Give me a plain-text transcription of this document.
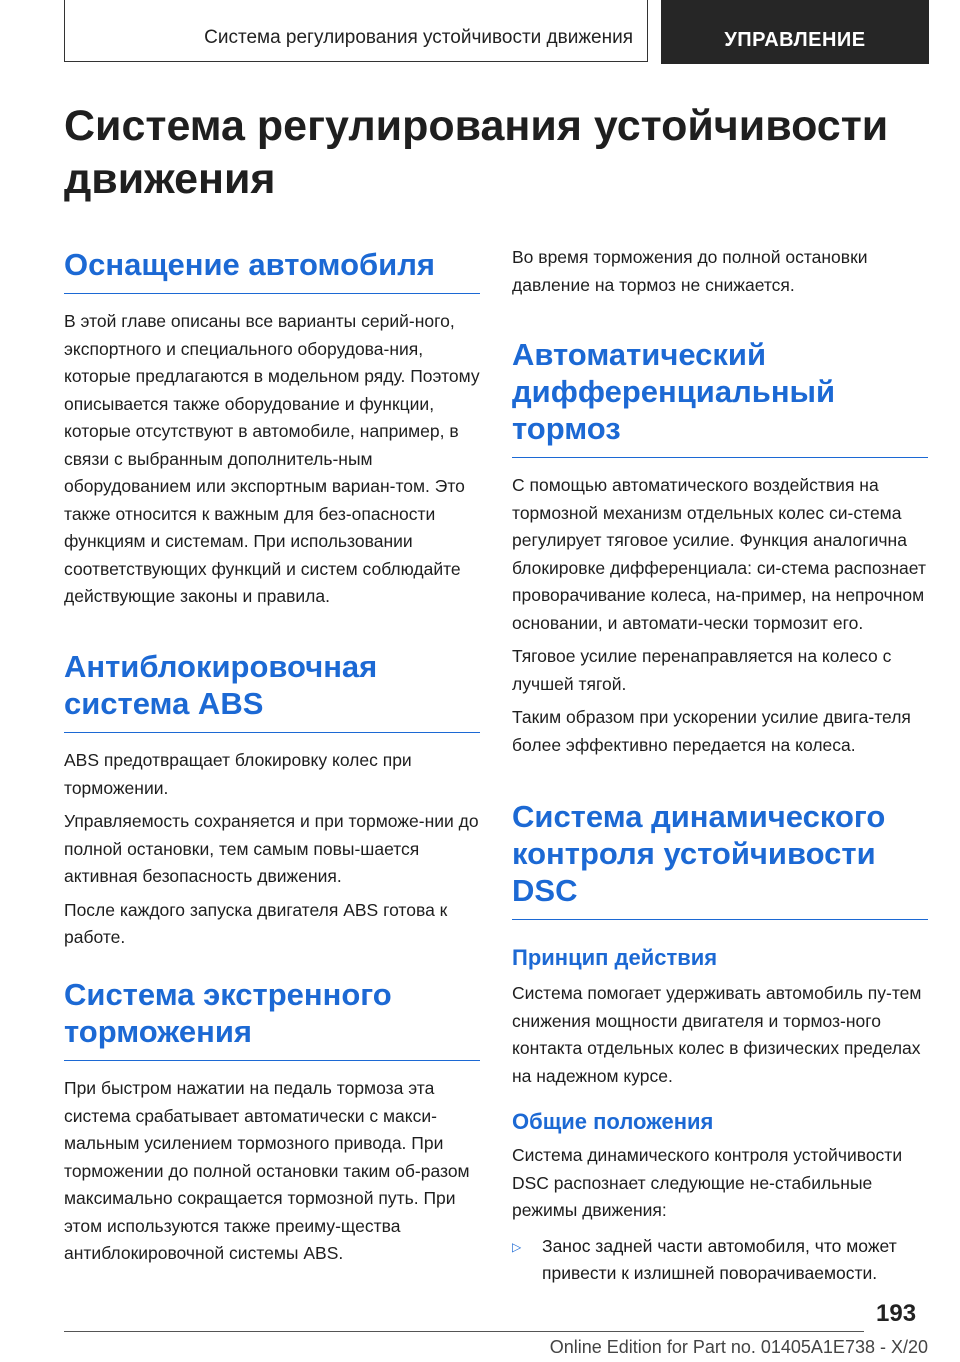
Система регулирования устойчивости движения	УПРАВЛЕНИЕ
Система регулирования устойчивости движения
Оснащение автомобиля

В этой главе описаны все варианты серий-ного, экспортного и специального оборудова-ния, которые предлагаются в модельном ряду. Поэтому описывается также оборудование и функции, которые отсутствуют в автомобиле, например, в связи с выбранным дополнитель-ным оборудованием или экспортным вариан-том. Это также относится к важным для без-опасности функциям и системам. При использовании соответствующих функций и систем соблюдайте действующие законы и правила.

Антиблокировочная система ABS

ABS предотвращает блокировку колес при торможении.

Управляемость сохраняется и при торможе-нии до полной остановки, тем самым повы-шается активная безопасность движения.

После каждого запуска двигателя ABS готова к работе.

Система экстренного торможения

При быстром нажатии на педаль тормоза эта система срабатывает автоматически с макси-мальным усилением тормозного привода. При торможении до полной остановки таким об-разом максимально сокращается тормозной путь. При этом используются также преиму-щества антиблокировочной системы ABS.

Во время торможения до полной остановки давление на тормоз не снижается.

Автоматический дифференциальный тормоз

С помощью автоматического воздействия на тормозной механизм отдельных колес си-стема регулирует тяговое усилие. Функция аналогична блокировке дифференциала: си-стема распознает проворачивание колеса, на-пример, на непрочном основании, и автомати-чески тормозит его.

Тяговое усилие перенаправляется на колесо с лучшей тягой.

Таким образом при ускорении усилие двига-теля более эффективно передается на колеса.

Система динамического контроля устойчивости DSC
Принцип действия

Система помогает удерживать автомобиль пу-тем снижения мощности двигателя и тормоз-ного контакта отдельных колес в физических пределах на надежном курсе.

Общие положения

Система динамического контроля устойчивости DSC распознает следующие не-стабильные режимы движения:

▷	Занос задней части автомобиля, что может привести к излишней поворачиваемости.
193
Online Edition for Part no. 01405A1E738 - X/20
